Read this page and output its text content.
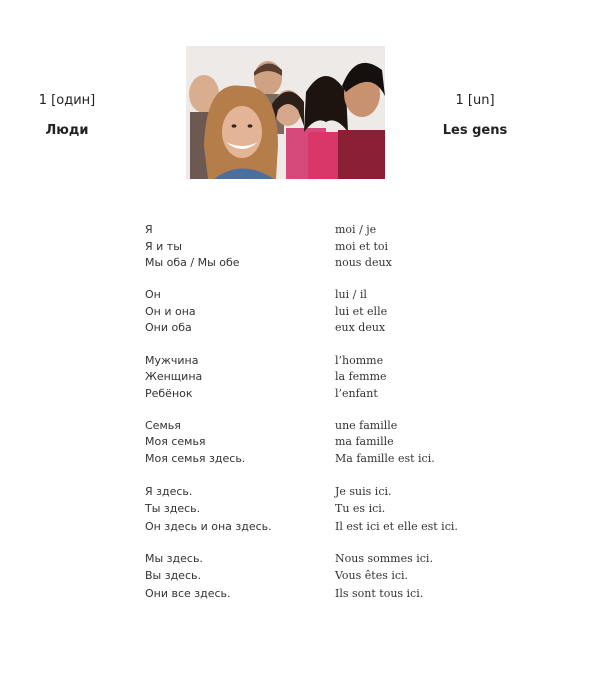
1 [один]
Люди
1 [un]
Les gens
Я	moi / je
Я и ты	moi et toi
Мы оба / Мы обе	nous deux
Он	lui / il
Он и она	lui et elle
Они оба	eux deux
Мужчина	l’homme
Женщина	la femme
Ребёнок	l’enfant
Семья	une famille
Моя семья	ma famille
Моя семья здесь.	Ma famille est ici.
Я здесь.	Je suis ici.
Ты здесь.	Tu es ici.
Он здесь и она здесь.	Il est ici et elle est ici.
Мы здесь.	Nous sommes ici.
Вы здесь.	Vous êtes ici.
Они все здесь.	Ils sont tous ici.
